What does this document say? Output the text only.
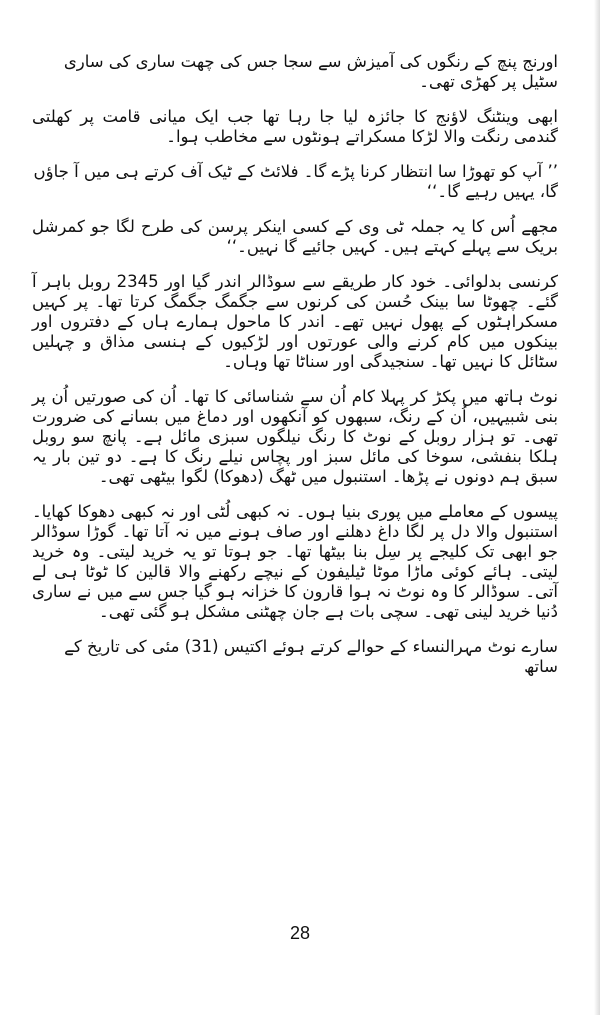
اورنج پنچ کے رنگوں کی آمیزش سے سجا جس کی چھت ساری کی ساری سٹیل پر کھڑی تھی۔

ابھی وینٹنگ لاؤنج کا جائزہ لیا جا رہا تھا جب ایک میانی قامت پر کھلتی گندمی رنگت والا لڑکا مسکراتے ہونٹوں سے مخاطب ہوا۔

’’ آپ کو تھوڑا سا انتظار کرنا پڑے گا۔ فلائٹ کے ٹیک آف کرتے ہی میں آ جاؤں گا، یہیں رہیے گا۔‘‘

مجھے اُس کا یہ جملہ ٹی وی کے کسی اینکر پرسن کی طرح لگا جو کمرشل بریک سے پہلے کہتے ہیں۔ کہیں جائیے گا نہیں۔‘‘

کرنسی بدلوائی۔ خود کار طریقے سے سوڈالر اندر گیا اور 2345 روبل باہر آ گئے۔ چھوٹا سا بینک حُسن کی کرنوں سے جگمگ جگمگ کرتا تھا۔ پر کہیں مسکراہٹوں کے پھول نہیں تھے۔ اندر کا ماحول ہمارے ہاں کے دفتروں اور بینکوں میں کام کرنے والی عورتوں اور لڑکیوں کے ہنسی مذاق و چہلیں سٹائل کا نہیں تھا۔ سنجیدگی اور سناٹا تھا وہاں۔

نوٹ ہاتھ میں پکڑ کر پہلا کام اُن سے شناسائی کا تھا۔ اُن کی صورتیں اُن پر بنی شبیہیں، اُن کے رنگ، سبھوں کو آنکھوں اور دماغ میں بسانے کی ضرورت تھی۔ تو ہزار روبل کے نوٹ کا رنگ نیلگوں سبزی مائل ہے۔ پانچ سو روبل ہلکا بنفشی، سوخا کی مائل سبز اور پچاس نیلے رنگ کا ہے۔ دو تین بار یہ سبق ہم دونوں نے پڑھا۔ استنبول میں ٹھگ (دھوکا) لگوا بیٹھی تھی۔

پیسوں کے معاملے میں پوری بنیا ہوں۔ نہ کبھی لُٹی اور نہ کبھی دھوکا کھایا۔ استنبول والا دل پر لگا داغ دھلنے اور صاف ہونے میں نہ آتا تھا۔ گوڑا سوڈالر جو ابھی تک کلیجے پر سِل بنا بیٹھا تھا۔ جو ہوتا تو یہ خرید لیتی۔ وہ خرید لیتی۔ ہائے کوئی ماڑا موٹا ٹیلیفون کے نیچے رکھنے والا قالین کا ٹوٹا ہی لے آتی۔ سوڈالر کا وہ نوٹ نہ ہوا قارون کا خزانہ ہو گیا جس سے میں نے ساری دُنیا خرید لینی تھی۔ سچی بات ہے جان چھٹنی مشکل ہو گئی تھی۔

سارے نوٹ مہرالنساء کے حوالے کرتے ہوئے اکتیس (31) مئی کی تاریخ کے ساتھ

28
